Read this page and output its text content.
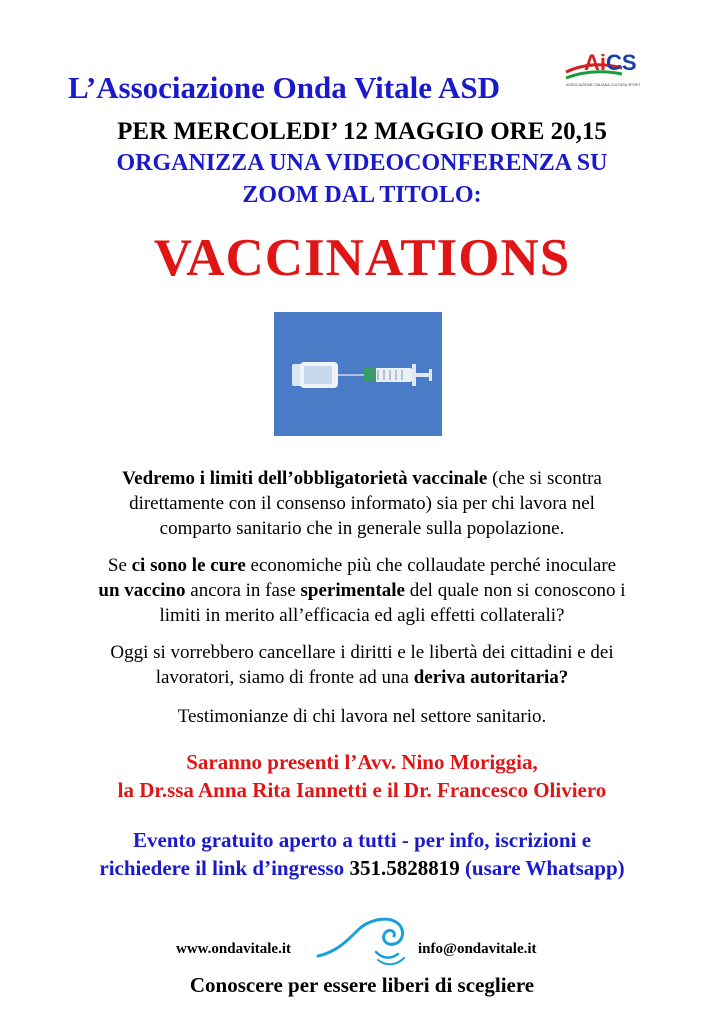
L’Associazione Onda Vitale ASD
Ai CS
ASSOCIAZIONE ITALIANA CULTURA SPORT
PER MERCOLEDI’ 12 MAGGIO ORE 20,15
ORGANIZZA UNA VIDEOCONFERENZA SU
ZOOM DAL TITOLO:
VACCINATIONS
Vedremo i limiti dell’obbligatorietà vaccinale (che si scontra
direttamente con il consenso informato) sia per chi lavora nel
comparto sanitario che in generale sulla popolazione.
Se ci sono le cure economiche più che collaudate perché inoculare
un vaccino ancora in fase sperimentale del quale non si conoscono i
limiti in merito all’efficacia ed agli effetti collaterali?
Oggi si vorrebbero cancellare i diritti e le libertà dei cittadini e dei
lavoratori, siamo di fronte ad una deriva autoritaria?
Testimonianze di chi lavora nel settore sanitario.
Saranno presenti l’Avv. Nino Moriggia,
la Dr.ssa Anna Rita Iannetti e il Dr. Francesco Oliviero
Evento gratuito aperto a tutti - per info, iscrizioni e
richiedere il link d’ingresso 351.5828819 (usare Whatsapp)
www.ondavitale.it	info@ondavitale.it
Conoscere per essere liberi di scegliere
